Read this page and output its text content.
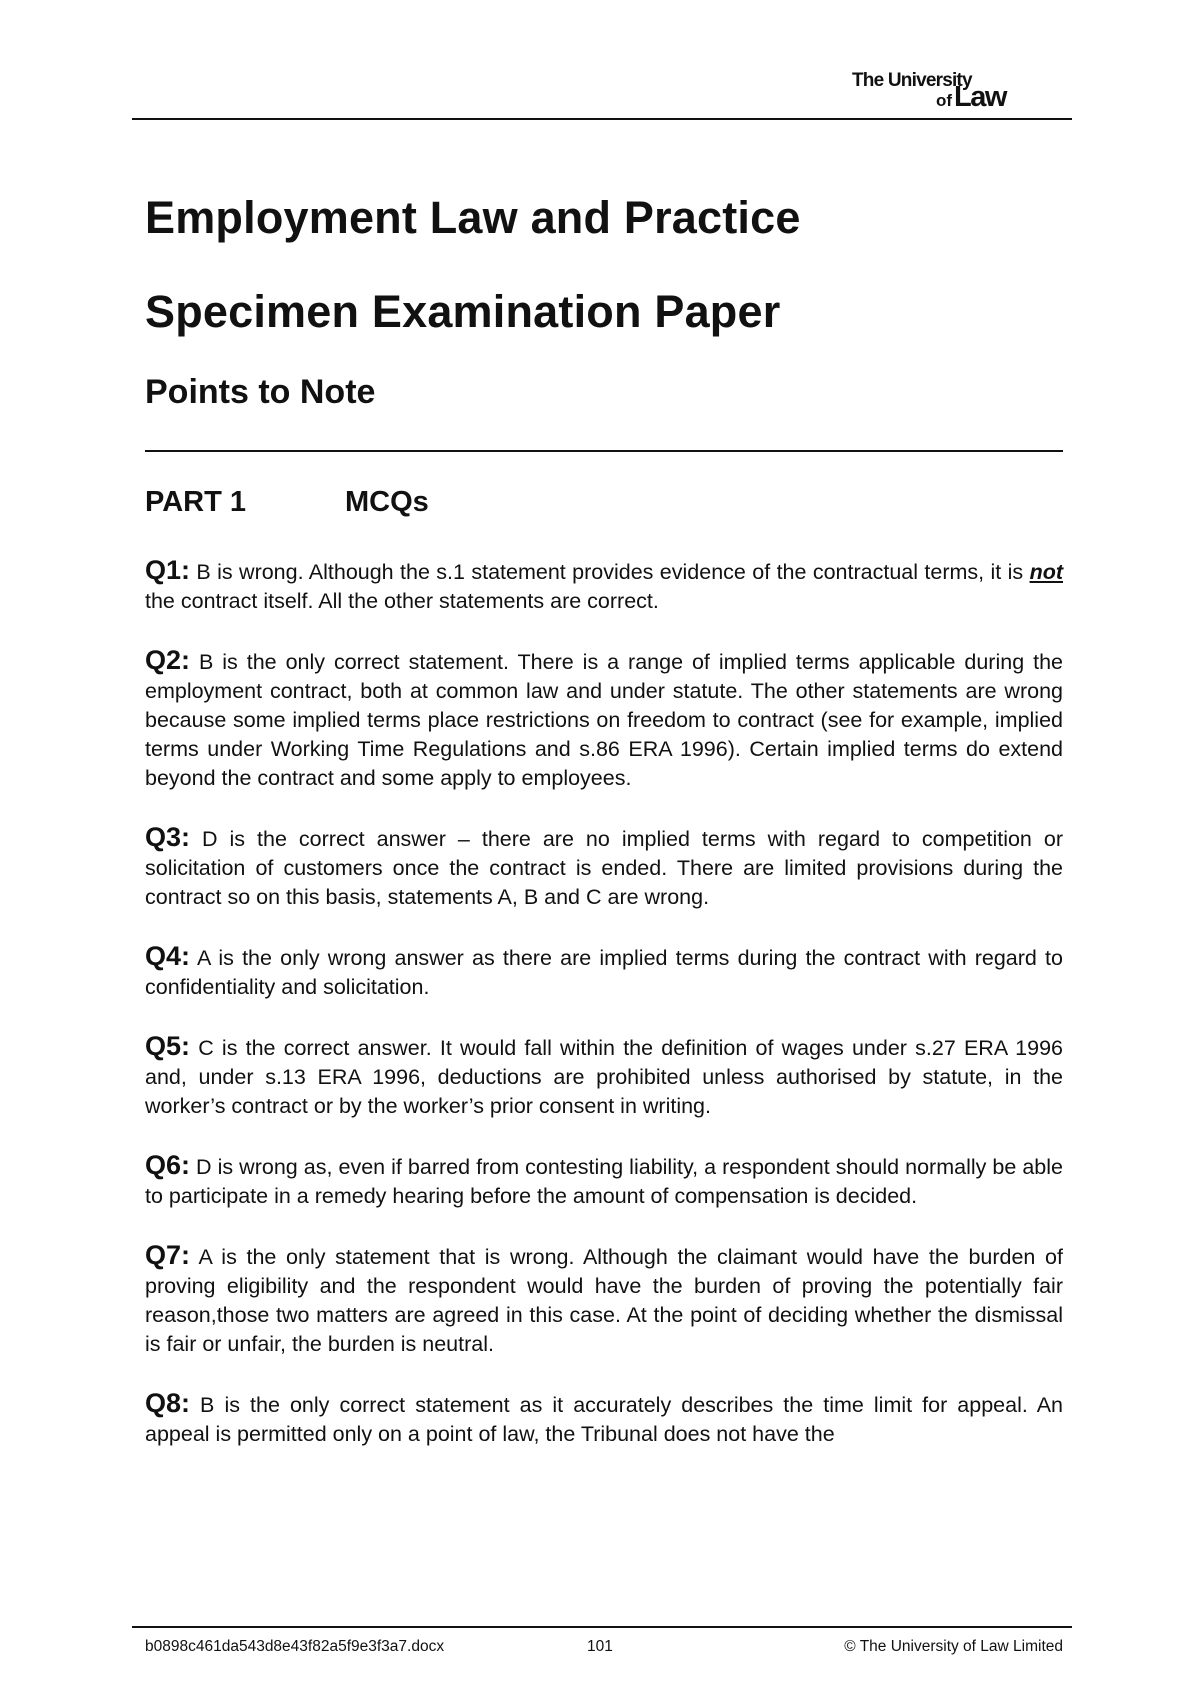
The University
of Law
Employment Law and Practice
Specimen Examination Paper
Points to Note
PART 1	MCQs

Q1: B is wrong. Although the s.1 statement provides evidence of the contractual terms, it is not the contract itself. All the other statements are correct.

Q2: B is the only correct statement. There is a range of implied terms applicable during the employment contract, both at common law and under statute. The other statements are wrong because some implied terms place restrictions on freedom to contract (see for example, implied terms under Working Time Regulations and s.86 ERA 1996). Certain implied terms do extend beyond the contract and some apply to employees.

Q3: D is the correct answer – there are no implied terms with regard to competition or solicitation of customers once the contract is ended. There are limited provisions during the contract so on this basis, statements A, B and C are wrong.

Q4: A is the only wrong answer as there are implied terms during the contract with regard to confidentiality and solicitation.

Q5: C is the correct answer. It would fall within the definition of wages under s.27 ERA 1996 and, under s.13 ERA 1996, deductions are prohibited unless authorised by statute, in the worker’s contract or by the worker’s prior consent in writing.

Q6: D is wrong as, even if barred from contesting liability, a respondent should normally be able to participate in a remedy hearing before the amount of compensation is decided.

Q7: A is the only statement that is wrong. Although the claimant would have the burden of proving eligibility and the respondent would have the burden of proving the potentially fair reason,those two matters are agreed in this case. At the point of deciding whether the dismissal is fair or unfair, the burden is neutral.

Q8: B is the only correct statement as it accurately describes the time limit for appeal. An appeal is permitted only on a point of law, the Tribunal does not have the

b0898c461da543d8e43f82a5f9e3f3a7.docx	101	© The University of Law Limited
